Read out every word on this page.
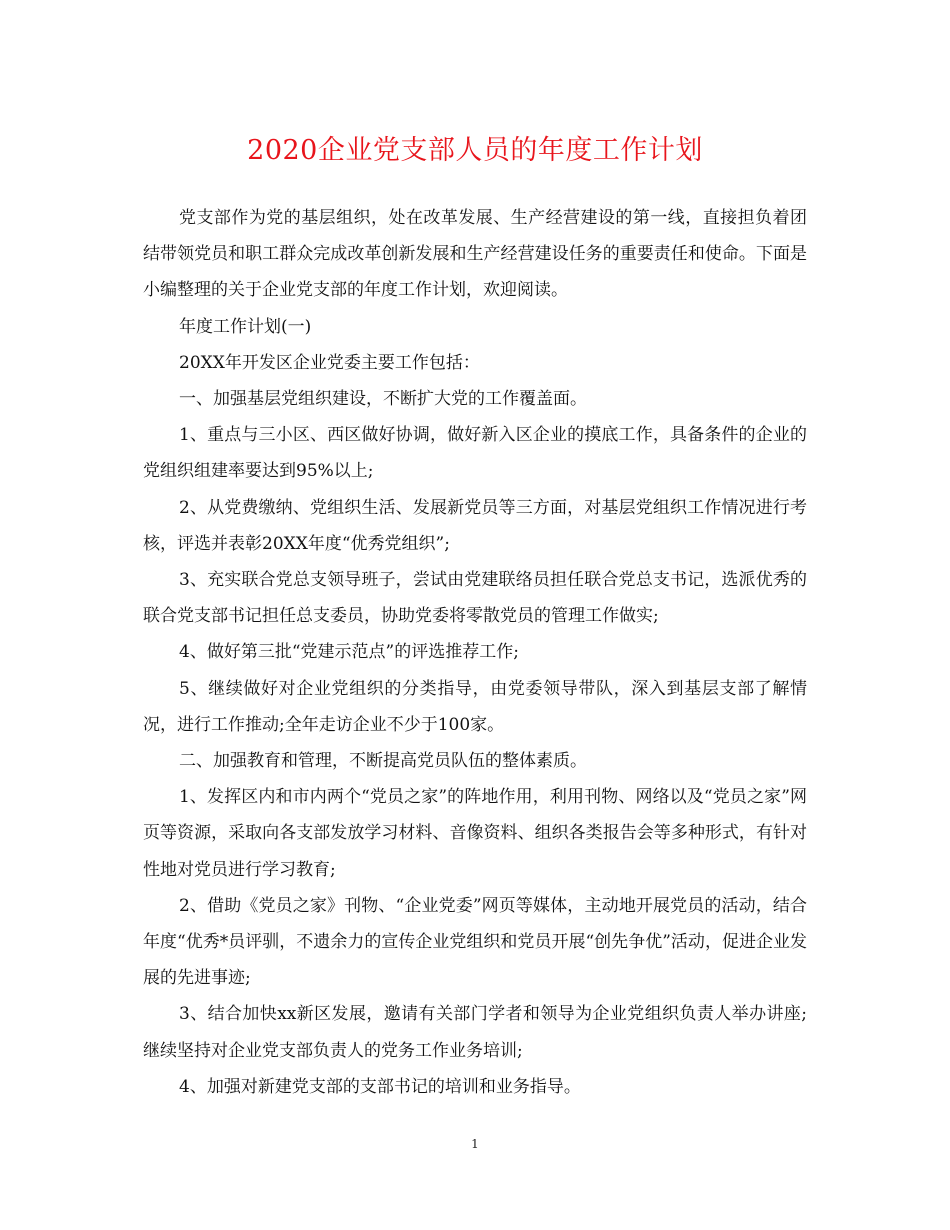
2020企业党支部人员的年度工作计划

党支部作为党的基层组织，处在改革发展、生产经营建设的第一线，直接担负着团结带领党员和职工群众完成改革创新发展和生产经营建设任务的重要责任和使命。下面是小编整理的关于企业党支部的年度工作计划，欢迎阅读。

年度工作计划(一)

20XX年开发区企业党委主要工作包括：

一、加强基层党组织建设，不断扩大党的工作覆盖面。

1、重点与三小区、西区做好协调，做好新入区企业的摸底工作，具备条件的企业的党组织组建率要达到95%以上;

2、从党费缴纳、党组织生活、发展新党员等三方面，对基层党组织工作情况进行考核，评选并表彰20XX年度“优秀党组织”;

3、充实联合党总支领导班子，尝试由党建联络员担任联合党总支书记，选派优秀的联合党支部书记担任总支委员，协助党委将零散党员的管理工作做实;

4、做好第三批“党建示范点”的评选推荐工作;

5、继续做好对企业党组织的分类指导，由党委领导带队，深入到基层支部了解情况，进行工作推动;全年走访企业不少于100家。

二、加强教育和管理，不断提高党员队伍的整体素质。

1、发挥区内和市内两个“党员之家”的阵地作用，利用刊物、网络以及“党员之家”网页等资源，采取向各支部发放学习材料、音像资料、组织各类报告会等多种形式，有针对性地对党员进行学习教育;

2、借助《党员之家》刊物、“企业党委”网页等媒体，主动地开展党员的活动，结合年度“优秀*员评驯，不遗余力的宣传企业党组织和党员开展“创先争优”活动，促进企业发展的先进事迹;

3、结合加快xx新区发展，邀请有关部门学者和领导为企业党组织负责人举办讲座;继续坚持对企业党支部负责人的党务工作业务培训;

4、加强对新建党支部的支部书记的培训和业务指导。

1
